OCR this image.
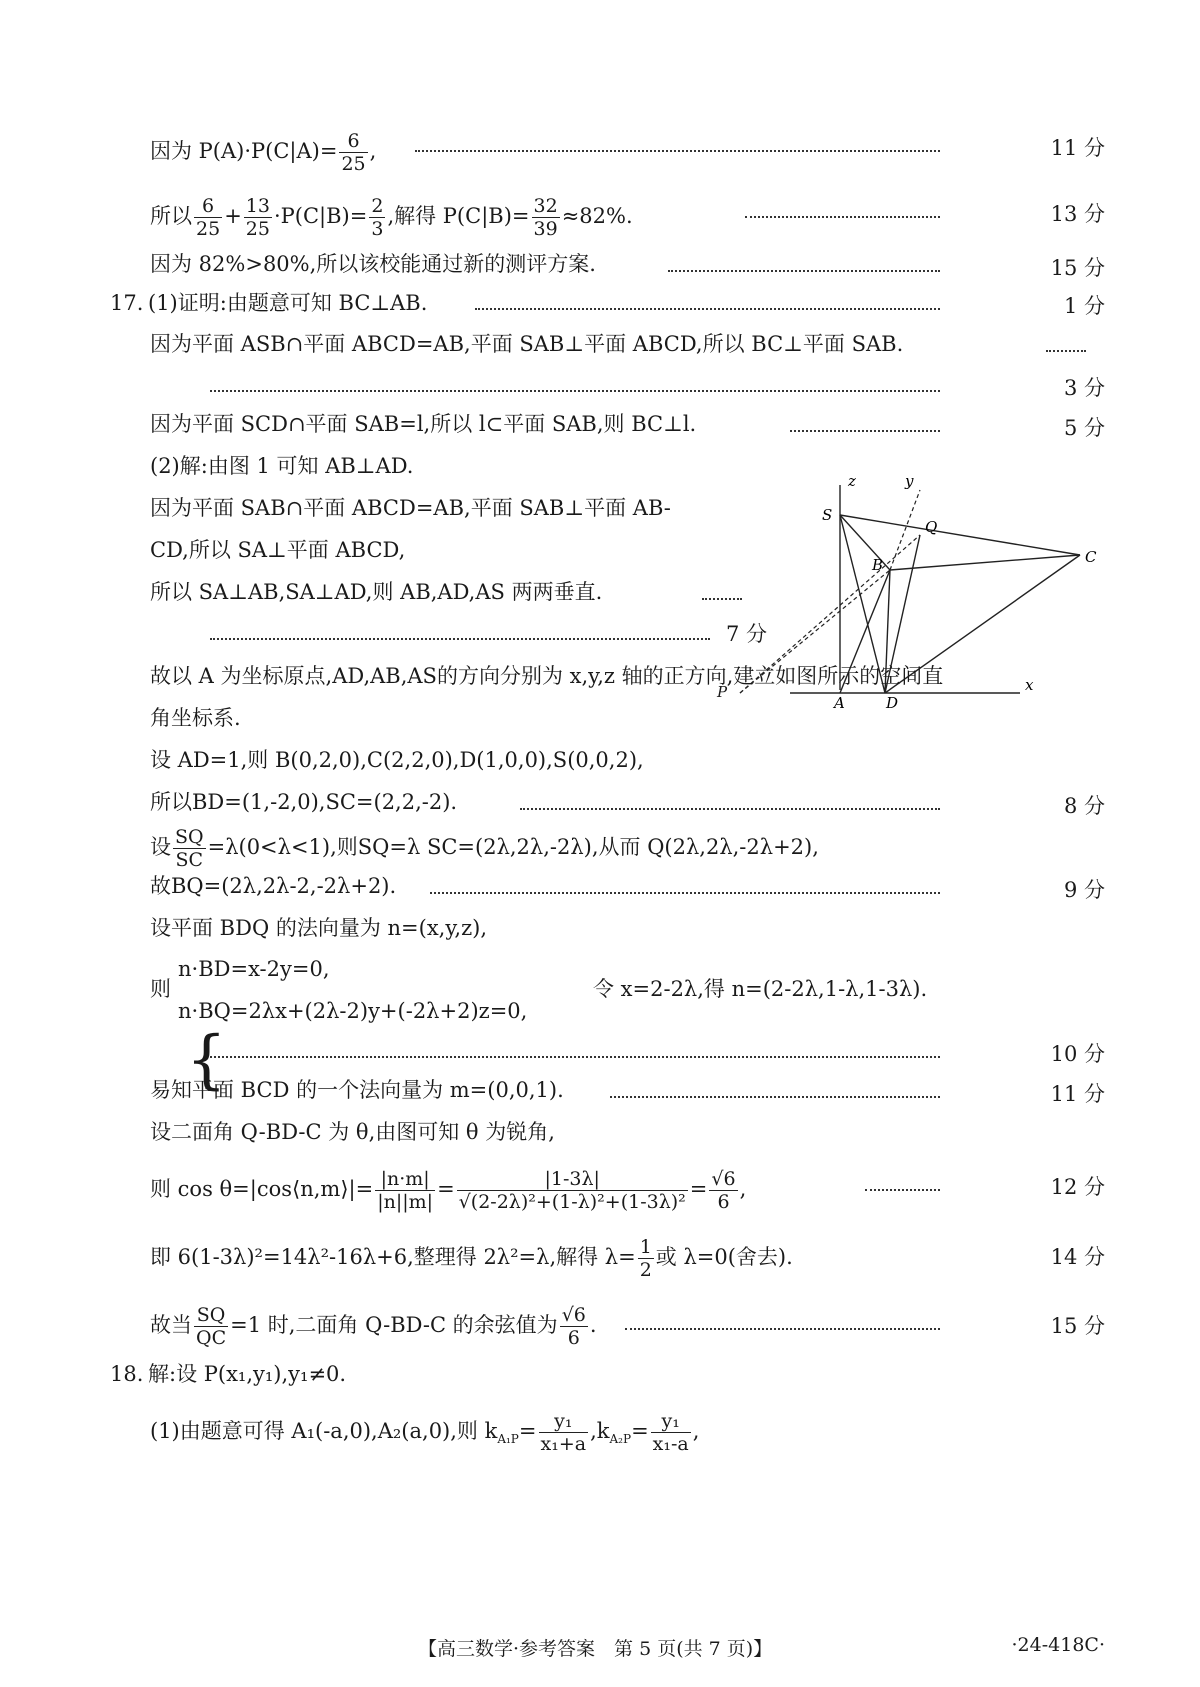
因为 $P(A)\cdot P(C|A)= \frac{6}{25}$ ,	11 分
所以 $\frac{6}{25} + \frac{13}{25} \cdot P(C|B)= \frac{2}{3}$ ,解得 $P(C|B)= \frac{32}{39} \approx 82\%$.	13 分
因为 82%>80%,所以该校能通过新的测评方案.	15 分
17. (1)证明:由题意可知 BC⊥AB.	1 分
因为平面 ASB∩平面 ABCD=AB,平面 SAB⊥平面 ABCD,所以 BC⊥平面 SAB.
3 分
因为平面 SCD∩平面 SAB=l,所以 l⊂平面 SAB,则 BC⊥l.	5 分
(2)解:由图 1 可知 AB⊥AD.
因为平面 SAB∩平面 ABCD=AB,平面 SAB⊥平面 AB-
CD,所以 SA⊥平面 ABCD,
所以 SA⊥AB,SA⊥AD,则 AB,AD,AS 两两垂直.
7 分
z
S
y
Q
B	C
A	D
x
P
故以 A 为坐标原点,AD,AB,AS的方向分别为 x,y,z 轴的正方向,建立如图所示的空间直
角坐标系.
设 AD=1,则 B(0,2,0),C(2,2,0),D(1,0,0),S(0,0,2),
所以BD=(1,-2,0),SC=(2,2,-2).	8 分
设 $\frac{SQ}{SC} =\lambda(0<\lambda<1)$,则SQ=λ SC=(2λ,2λ,-2λ),从而 Q(2λ,2λ,-2λ+2),
故BQ=(2λ,2λ-2,-2λ+2).	9 分
设平面 BDQ 的法向量为 n=(x,y,z),
则
{
n·BD=x-2y=0,
n·BQ=2λx+(2λ-2)y+(-2λ+2)z=0,
令 x=2-2λ,得 n=(2-2λ,1-λ,1-3λ).
10 分
易知平面 BCD 的一个法向量为 m=(0,0,1).	11 分
设二面角 Q-BD-C 为 θ,由图可知 θ 为锐角,
则 cos θ=|cos⟨n,m⟩|= $\frac{|n\cdot m|}{|n||m|} = \frac{|1-3\lambda|}{\text{√(2-2λ)²+(1-λ)²+(1-3λ)²}} = \frac{√6}{6}$ ,	12 分
即 6(1-3λ)²=14λ²-16λ+6,整理得 2λ²=λ,解得 $\lambda= \frac{1}{2}$ 或 λ=0(舍去).	14 分
故当 $\frac{SQ}{QC} =1$ 时,二面角 Q-BD-C 的余弦值为 $\frac{√6}{6}$ .	15 分
18. 解:设 P(x₁,y₁),y₁≠0.
(1)由题意可得 A₁(-a,0),A₂(a,0),则 $k_{A_1P}= \frac{\text{y₁}}{\text{x₁+a}} ,k_{A_2P}= \frac{\text{y₁}}{\text{x₁-a}}$ ,
【高三数学·参考答案　第 5 页(共 7 页)】	·24-418C·
